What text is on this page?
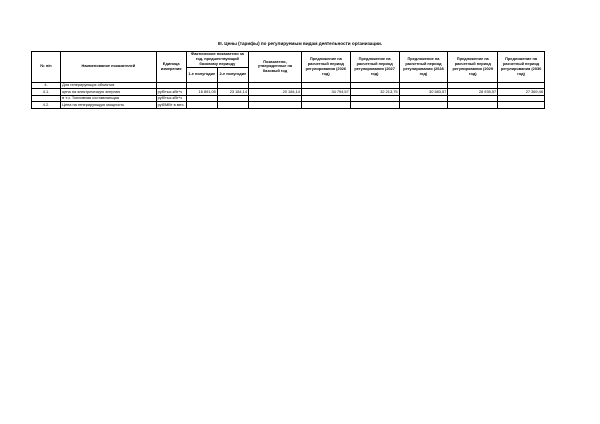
III. Цены (тарифы) по регулируемым видам деятельности организации.
№ п/п	Наименование показателей	Единица измерения	Фактические показатели за год, предшествующий базовому периоду		Показатели, утвержденные на базовый год	Предложение на расчетный период регулирования (2026 год)	Предложение на расчетный период регулирования (2027 год)	Предложение на расчетный период регулирования (2028 год)	Предложение на расчетный период регулирования (2029 год)	Предложение на расчетный период регулирования (2030 год)
			1-е полугодие	2-е полугодие						
4.	Для генерирующих объектов									
4.1.	цена на электрическую энергию	руб/тыс.кВт*ч	16 891,05	23 184,14	20 184,14	34 794,57	32 213,75	30 583,57	28 935,57	27 369,46
	в т.ч. Топливная составляющая	руб/тыс.кВт*ч								
4.2.	Цена на генерирующую мощность	руб/МВт в мес.								
